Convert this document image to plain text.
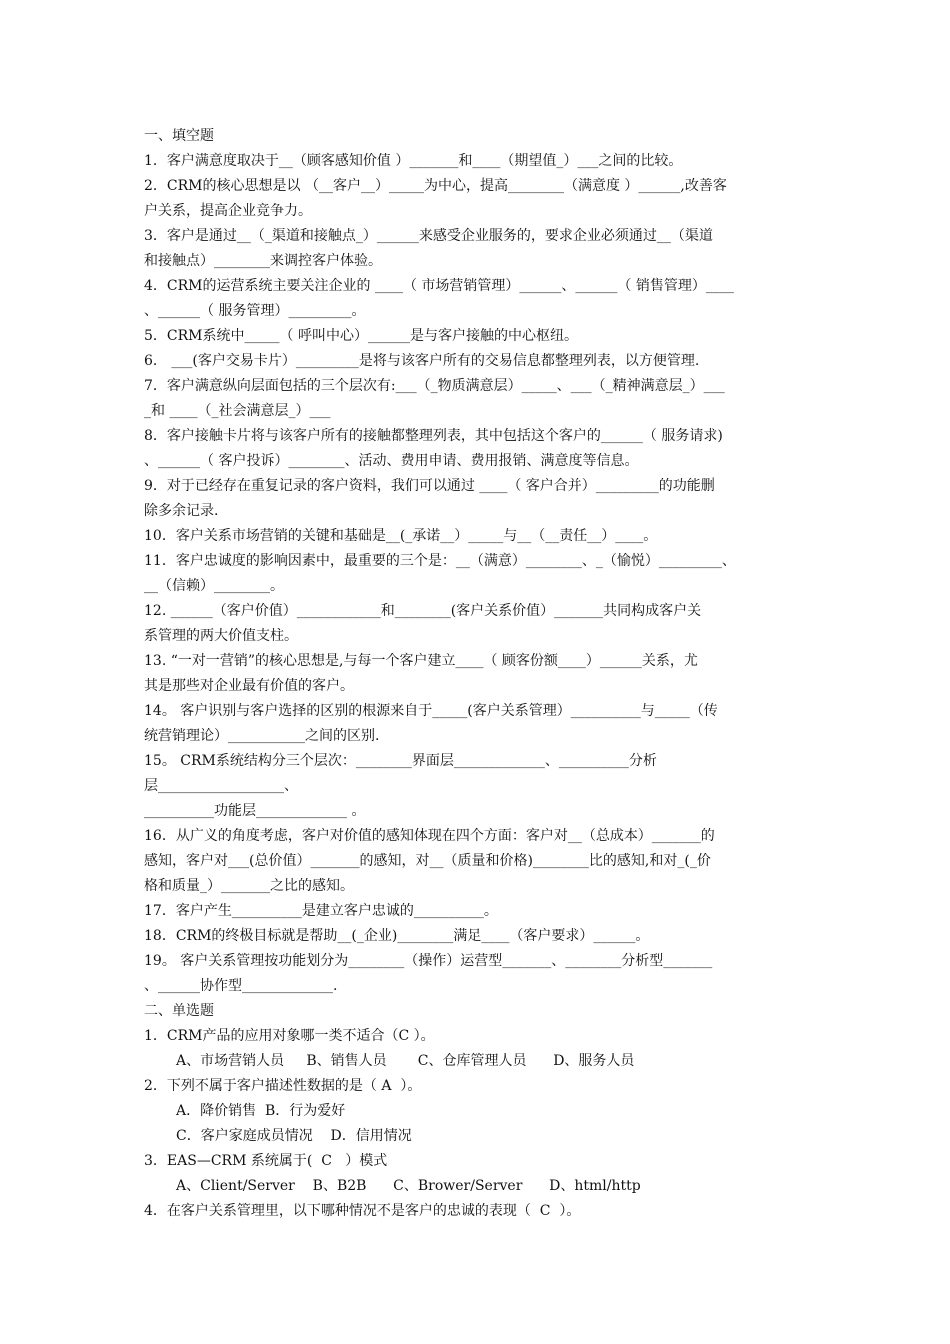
一、填空题
1．客户满意度取决于__（顾客感知价值 ）_______和____（期望值_）___之间的比较。
2．CRM的核心思想是以 （__客户__）_____为中心，提高________（满意度 ）______,改善客
户关系，提高企业竞争力。
3．客户是通过__（_渠道和接触点_）______来感受企业服务的，要求企业必须通过__（渠道
和接触点）________来调控客户体验。
4．CRM的运营系统主要关注企业的 ____（ 市场营销管理）______、______（ 销售管理）____
、______（ 服务管理）_________。
5．CRM系统中_____（ 呼叫中心）______是与客户接触的中心枢纽。
6． ___(客户交易卡片）_________是将与该客户所有的交易信息都整理列表，以方便管理.
7．客户满意纵向层面包括的三个层次有:___（_物质满意层）_____、___（_精神满意层_）___
_和 ____（_社会满意层_）___
8．客户接触卡片将与该客户所有的接触都整理列表，其中包括这个客户的______（ 服务请求)
、______（ 客户投诉）________、活动、费用申请、费用报销、满意度等信息。
9．对于已经存在重复记录的客户资料，我们可以通过 ____（ 客户合并）_________的功能删
除多余记录.
10．客户关系市场营销的关键和基础是__(_承诺__）_____与__（__责任__）____。
11．客户忠诚度的影响因素中，最重要的三个是：__（满意）________、_（愉悦）_________、
__（信赖）________。
12. ______（客户价值）____________和________(客户关系价值）_______共同构成客户关
系管理的两大价值支柱。
13. “一对一营销”的核心思想是,与每一个客户建立____（ 顾客份额____）______关系，尤
其是那些对企业最有价值的客户。
14。 客户识别与客户选择的区别的根源来自于_____(客户关系管理）__________与_____（传
统营销理论）___________之间的区别.
15。 CRM系统结构分三个层次：________界面层_____________、__________分析
层__________________、
__________功能层_____________ 。
16．从广义的角度考虑，客户对价值的感知体现在四个方面：客户对__（总成本）_______的
感知，客户对___(总价值）_______的感知，对__（质量和价格)________比的感知,和对_(_价
格和质量_）_______之比的感知。
17．客户产生__________是建立客户忠诚的__________。
18．CRM的终极目标就是帮助__(_企业)________满足____（客户要求）______。
19。 客户关系管理按功能划分为________（操作）运营型_______、________分析型_______
、______协作型_____________.
二、单选题
1．CRM产品的应用对象哪一类不适合（C ）。
A、市场营销人员     B、销售人员       C、仓库管理人员      D、服务人员
2．下列不属于客户描述性数据的是（ A  ）。
A．降价销售  B．行为爱好
C．客户家庭成员情况    D．信用情况
3．EAS—CRM 系统属于(  C   ）模式
A、Client/Server    B、B2B      C、Brower/Server      D、html/http
4．在客户关系管理里，以下哪种情况不是客户的忠诚的表现（  C  ）。
